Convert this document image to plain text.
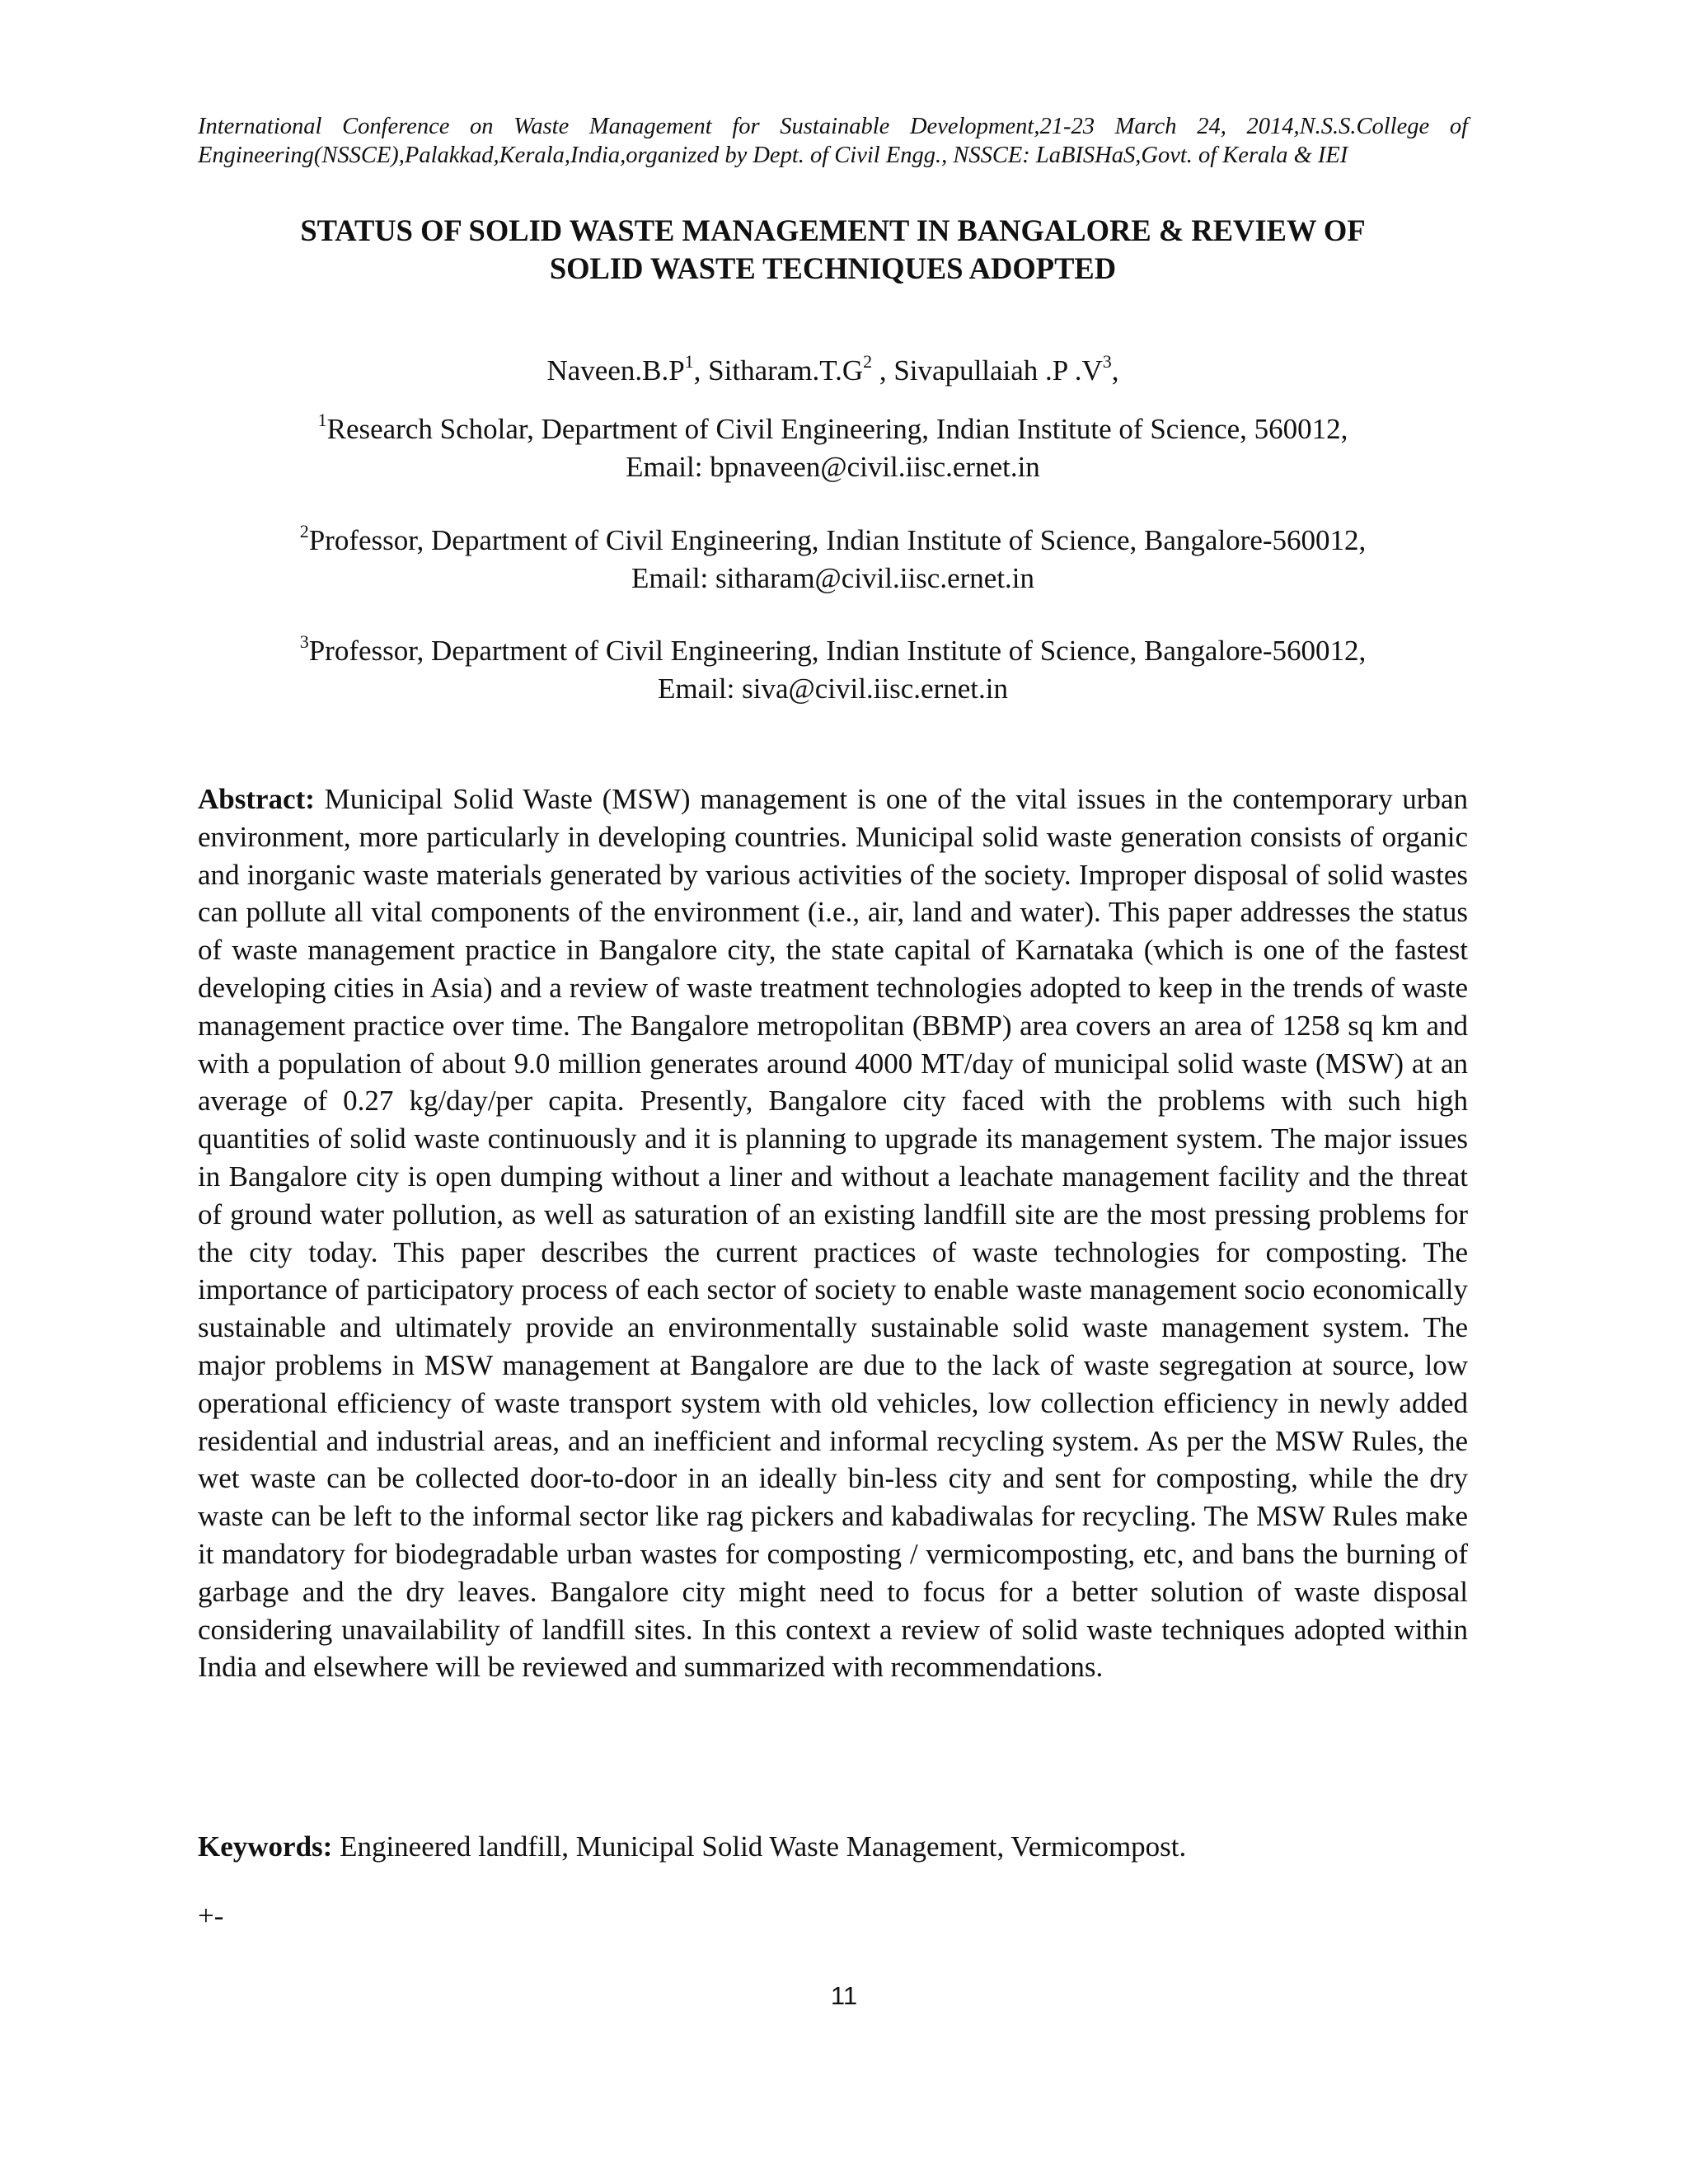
International Conference on Waste Management for Sustainable Development,21-23 March 24, 2014,N.S.S.College of
Engineering(NSSCE),Palakkad,Kerala,India,organized by Dept. of Civil Engg., NSSCE: LaBISHaS,Govt. of Kerala & IEI
STATUS OF SOLID WASTE MANAGEMENT IN BANGALORE & REVIEW OF
SOLID WASTE TECHNIQUES ADOPTED
$Naveen.B.P^1$, $Sitharam.T.G^2$ , Sivapullaiah .P $.V^3$,
$^1$Research Scholar, Department of Civil Engineering, Indian Institute of Science, 560012,
Email: bpnaveen@civil.iisc.ernet.in
$^2$Professor, Department of Civil Engineering, Indian Institute of Science, Bangalore-560012,
Email: sitharam@civil.iisc.ernet.in
$^3$Professor, Department of Civil Engineering, Indian Institute of Science, Bangalore-560012,
Email: siva@civil.iisc.ernet.in
Abstract: Municipal Solid Waste (MSW) management is one of the vital issues in the contemporary urban environment, more particularly in developing countries. Municipal solid waste generation consists of organic and inorganic waste materials generated by various activities of the society. Improper disposal of solid wastes can pollute all vital components of the environment (i.e., air, land and water). This paper addresses the status of waste management practice in Bangalore city, the state capital of Karnataka (which is one of the fastest developing cities in Asia) and a review of waste treatment technologies adopted to keep in the trends of waste management practice over time. The Bangalore metropolitan (BBMP) area covers an area of 1258 sq km and with a population of about 9.0 million generates around 4000 MT/day of municipal solid waste (MSW) at an average of 0.27 kg/day/per capita. Presently, Bangalore city faced with the problems with such high quantities of solid waste continuously and it is planning to upgrade its management system. The major issues in Bangalore city is open dumping without a liner and without a leachate management facility and the threat of ground water pollution, as well as saturation of an existing landfill site are the most pressing problems for the city today. This paper describes the current practices of waste technologies for composting. The importance of participatory process of each sector of society to enable waste management socio economically sustainable and ultimately provide an environmentally sustainable solid waste management system. The major problems in MSW management at Bangalore are due to the lack of waste segregation at source, low operational efficiency of waste transport system with old vehicles, low collection efficiency in newly added residential and industrial areas, and an inefficient and informal recycling system. As per the MSW Rules, the wet waste can be collected door-to-door in an ideally bin-less city and sent for composting, while the dry waste can be left to the informal sector like rag pickers and kabadiwalas for recycling. The MSW Rules make it mandatory for biodegradable urban wastes for composting / vermicomposting, etc, and bans the burning of garbage and the dry leaves. Bangalore city might need to focus for a better solution of waste disposal considering unavailability of landfill sites. In this context a review of solid waste techniques adopted within India and elsewhere will be reviewed and summarized with recommendations.
Keywords: Engineered landfill, Municipal Solid Waste Management, Vermicompost.
+-
11
